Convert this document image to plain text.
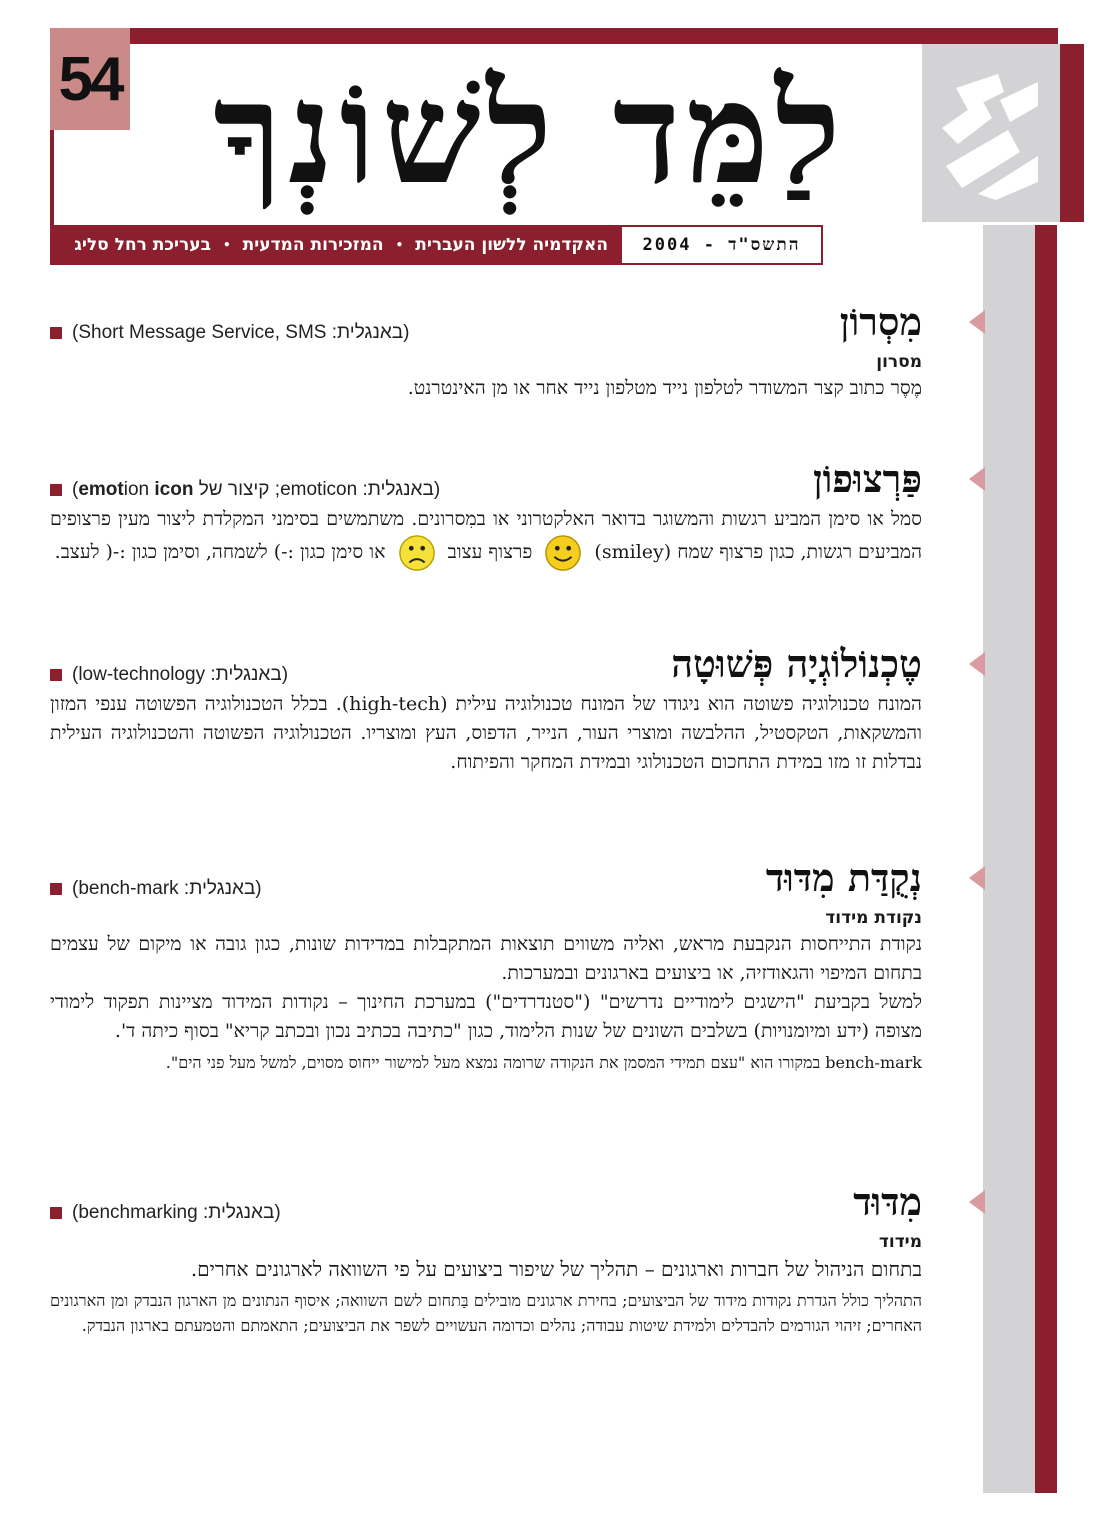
54 לַמֵּד לְשׁוֹנְךָ
התשס"ד - 2004
האקדמיה ללשון העברית
•
המזכירות המדעית
•
בעריכת רחל סליג
מִסְרוֹן
(באנגלית: Short Message Service, SMS)
מסרון

מֶסֶר כתוב קצר המשודר לטלפון נייד מטלפון נייד אחר או מן האינטרנט.

פַּרְצוּפוֹן
(באנגלית: emoticon; קיצור של emotion icon)

סמל או סימן המביע רגשות והמשוגר בדואר האלקטרוני או במִסרונים. משתמשים בסימני המקלדת ליצור מעין פרצופים המביעים רגשות, כגון פרצוף שמח (smiley)  פרצוף עצוב  או סימן כגון :-) לשמחה, וסימן כגון :-( לעצב.

טֶכְנוֹלוֹגְיָה פְּשׁוּטָה
(באנגלית: low-technology)

המונח טכנולוגיה פשוטה הוא ניגודו של המונח טכנולוגיה עילית (high-tech). בכלל הטכנולוגיה הפשוטה ענפי המזון והמשקאות, הטקסטיל, ההלבשה ומוצרי העור, הנייר, הדפוס, העץ ומוצריו. הטכנולוגיה הפשוטה והטכנולוגיה העילית נבדלות זו מזו במידת התחכום הטכנולוגי ובמידת המחקר והפיתוח.

נְקֻדַּת מִדּוּד
(באנגלית: bench-mark)
נקודת מידוד

נקודת התייחסות הנקבעת מראש, ואליה משווים תוצאות המתקבלות במדידות שונות, כגון גובה או מיקום של עצמים בתחום המיפוי והגאודזיה, או ביצועים בארגונים ובמערכות.

למשל בקביעת "הישגים לימודיים נדרשים" ("סטנדרדים") במערכת החינוך – נקודות המידוד מציינות תפקוד לימודי מצופה (ידע ומיומנויות) בשלבים השונים של שנות הלימוד, כגון "כתיבה בכתיב נכון ובכתב קריא" בסוף כיתה ד'.

bench-mark במקורו הוא "עצם תמידי המסמן את הנקודה שרומה נמצא מעל למישור ייחוס מסוים, למשל מעל פני הים".

מִדּוּד
(באנגלית: benchmarking)
מידוד

בתחום הניהול של חברות וארגונים – תהליך של שיפור ביצועים על פי השוואה לארגונים אחרים.

התהליך כולל הגדרת נקודות מידוד של הביצועים; בחירת ארגונים מובילים בַּתחום לשם השוואה; איסוף הנתונים מן הארגון הנבדק ומן הארגונים האחרים; זיהוי הגורמים להבדלים ולמידת שיטות עבודה; נהלים וכדומה העשויים לשפר את הביצועים; התאמתם והטמעתם בארגון הנבדק.
